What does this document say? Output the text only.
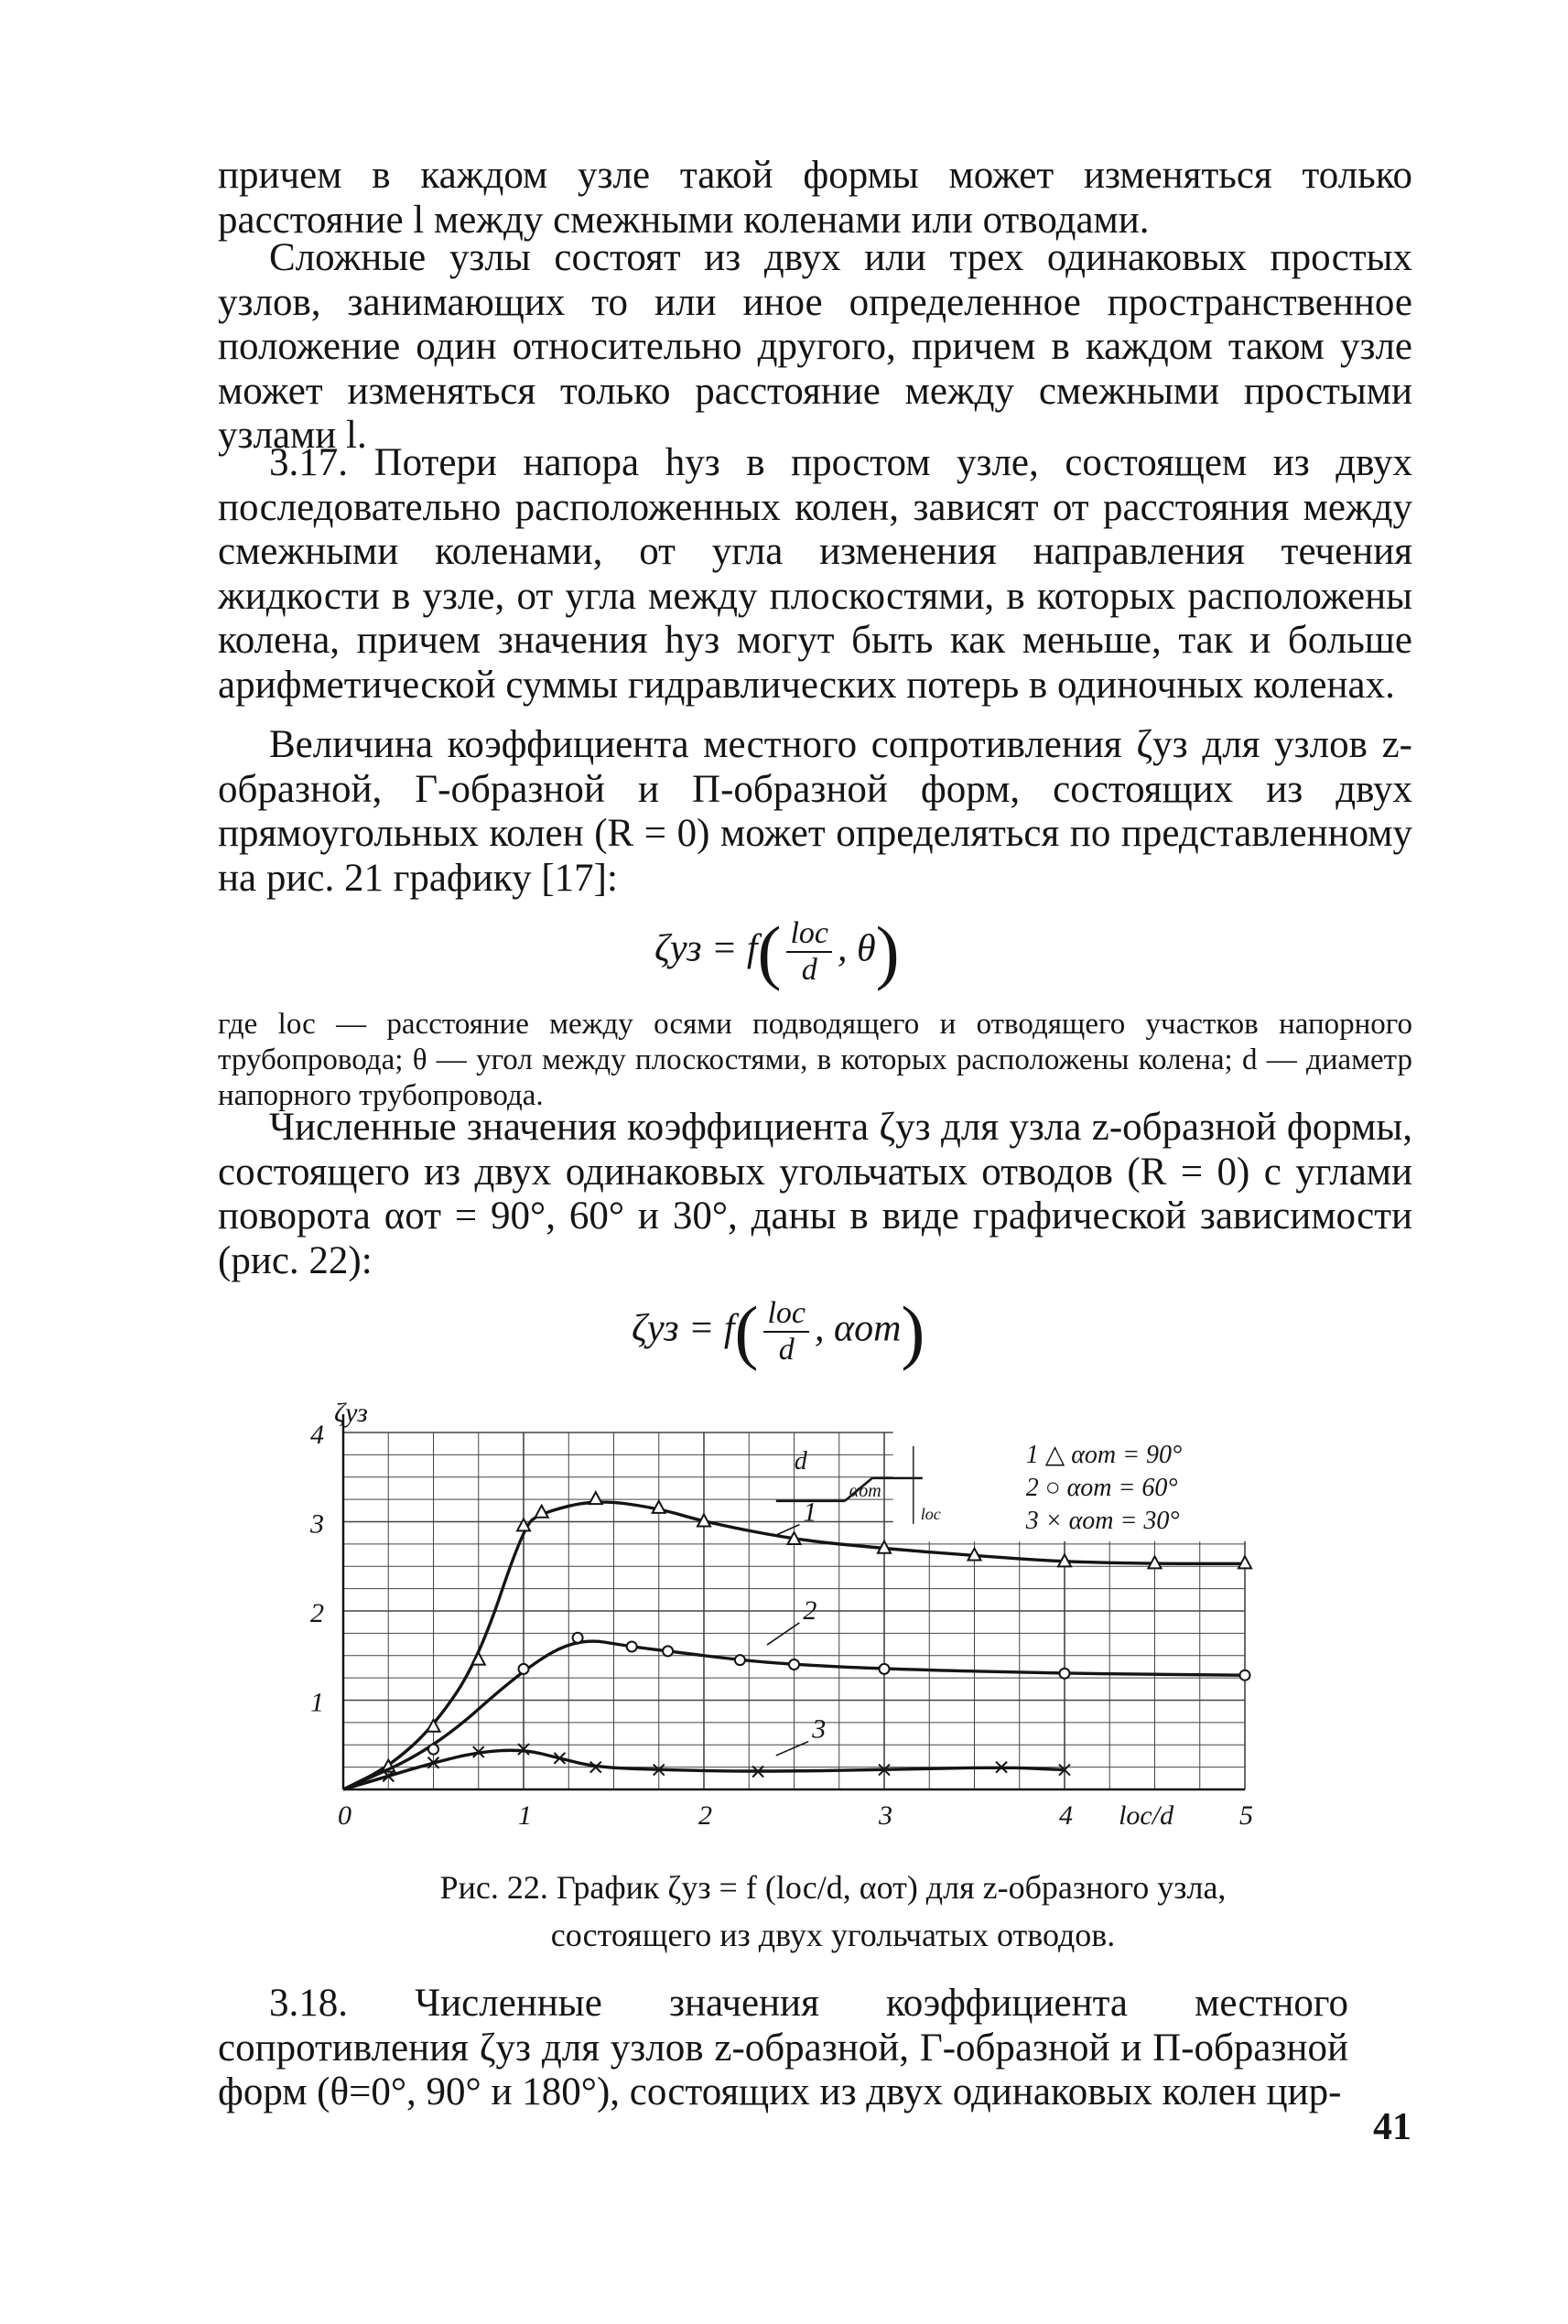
причем в каждом узле такой формы может изменяться только расстояние l между смежными коленами или отводами.

Сложные узлы состоят из двух или трех одинаковых простых узлов, занимающих то или иное определенное пространственное положение один относительно другого, причем в каждом таком узле может изменяться только расстояние между смежными простыми узлами l.

3.17. Потери напора hуз в простом узле, состоящем из двух последовательно расположенных колен, зависят от расстояния между смежными коленами, от угла изменения направления течения жидкости в узле, от угла между плоскостями, в которых расположены колена, причем значения hуз могут быть как меньше, так и больше арифметической суммы гидравлических потерь в одиночных коленах.

Величина коэффициента местного сопротивления ζуз для узлов z-образной, Г-образной и П-образной форм, состоящих из двух прямоугольных колен (R = 0) может определяться по представленному на рис. 21 графику [17]:

$\zeta уз = f( \frac{\text{lос}}{d}$ , θ)

где lос — расстояние между осями подводящего и отводящего участков напорного трубопровода; θ — угол между плоскостями, в которых расположены колена; d — диаметр напорного трубопровода.

Численные значения коэффициента ζуз для узла z-образной формы, состоящего из двух одинаковых угольчатых отводов (R = 0) с углами поворота αот = 90°, 60° и 30°, даны в виде графической зависимости (рис. 22):

$\zeta уз = f( \frac{\text{lос}}{d}$ , αот)
0	1	2	3	4	5
1
2
3
4
ζуз
lос/d
1
2
3
1 △ αот = 90°
2 ○ αот = 60°
3 × αот = 30°
d
αот
lос

Рис. 22. График ζуз = f (lос/d, αот) для z-образного узла,

состоящего из двух угольчатых отводов.

3.18. Численные значения коэффициента местного сопротивления ζуз для узлов z-образной, Г-образной и П-образной форм (θ=0°, 90° и 180°), состоящих из двух одинаковых колен цир-

41
